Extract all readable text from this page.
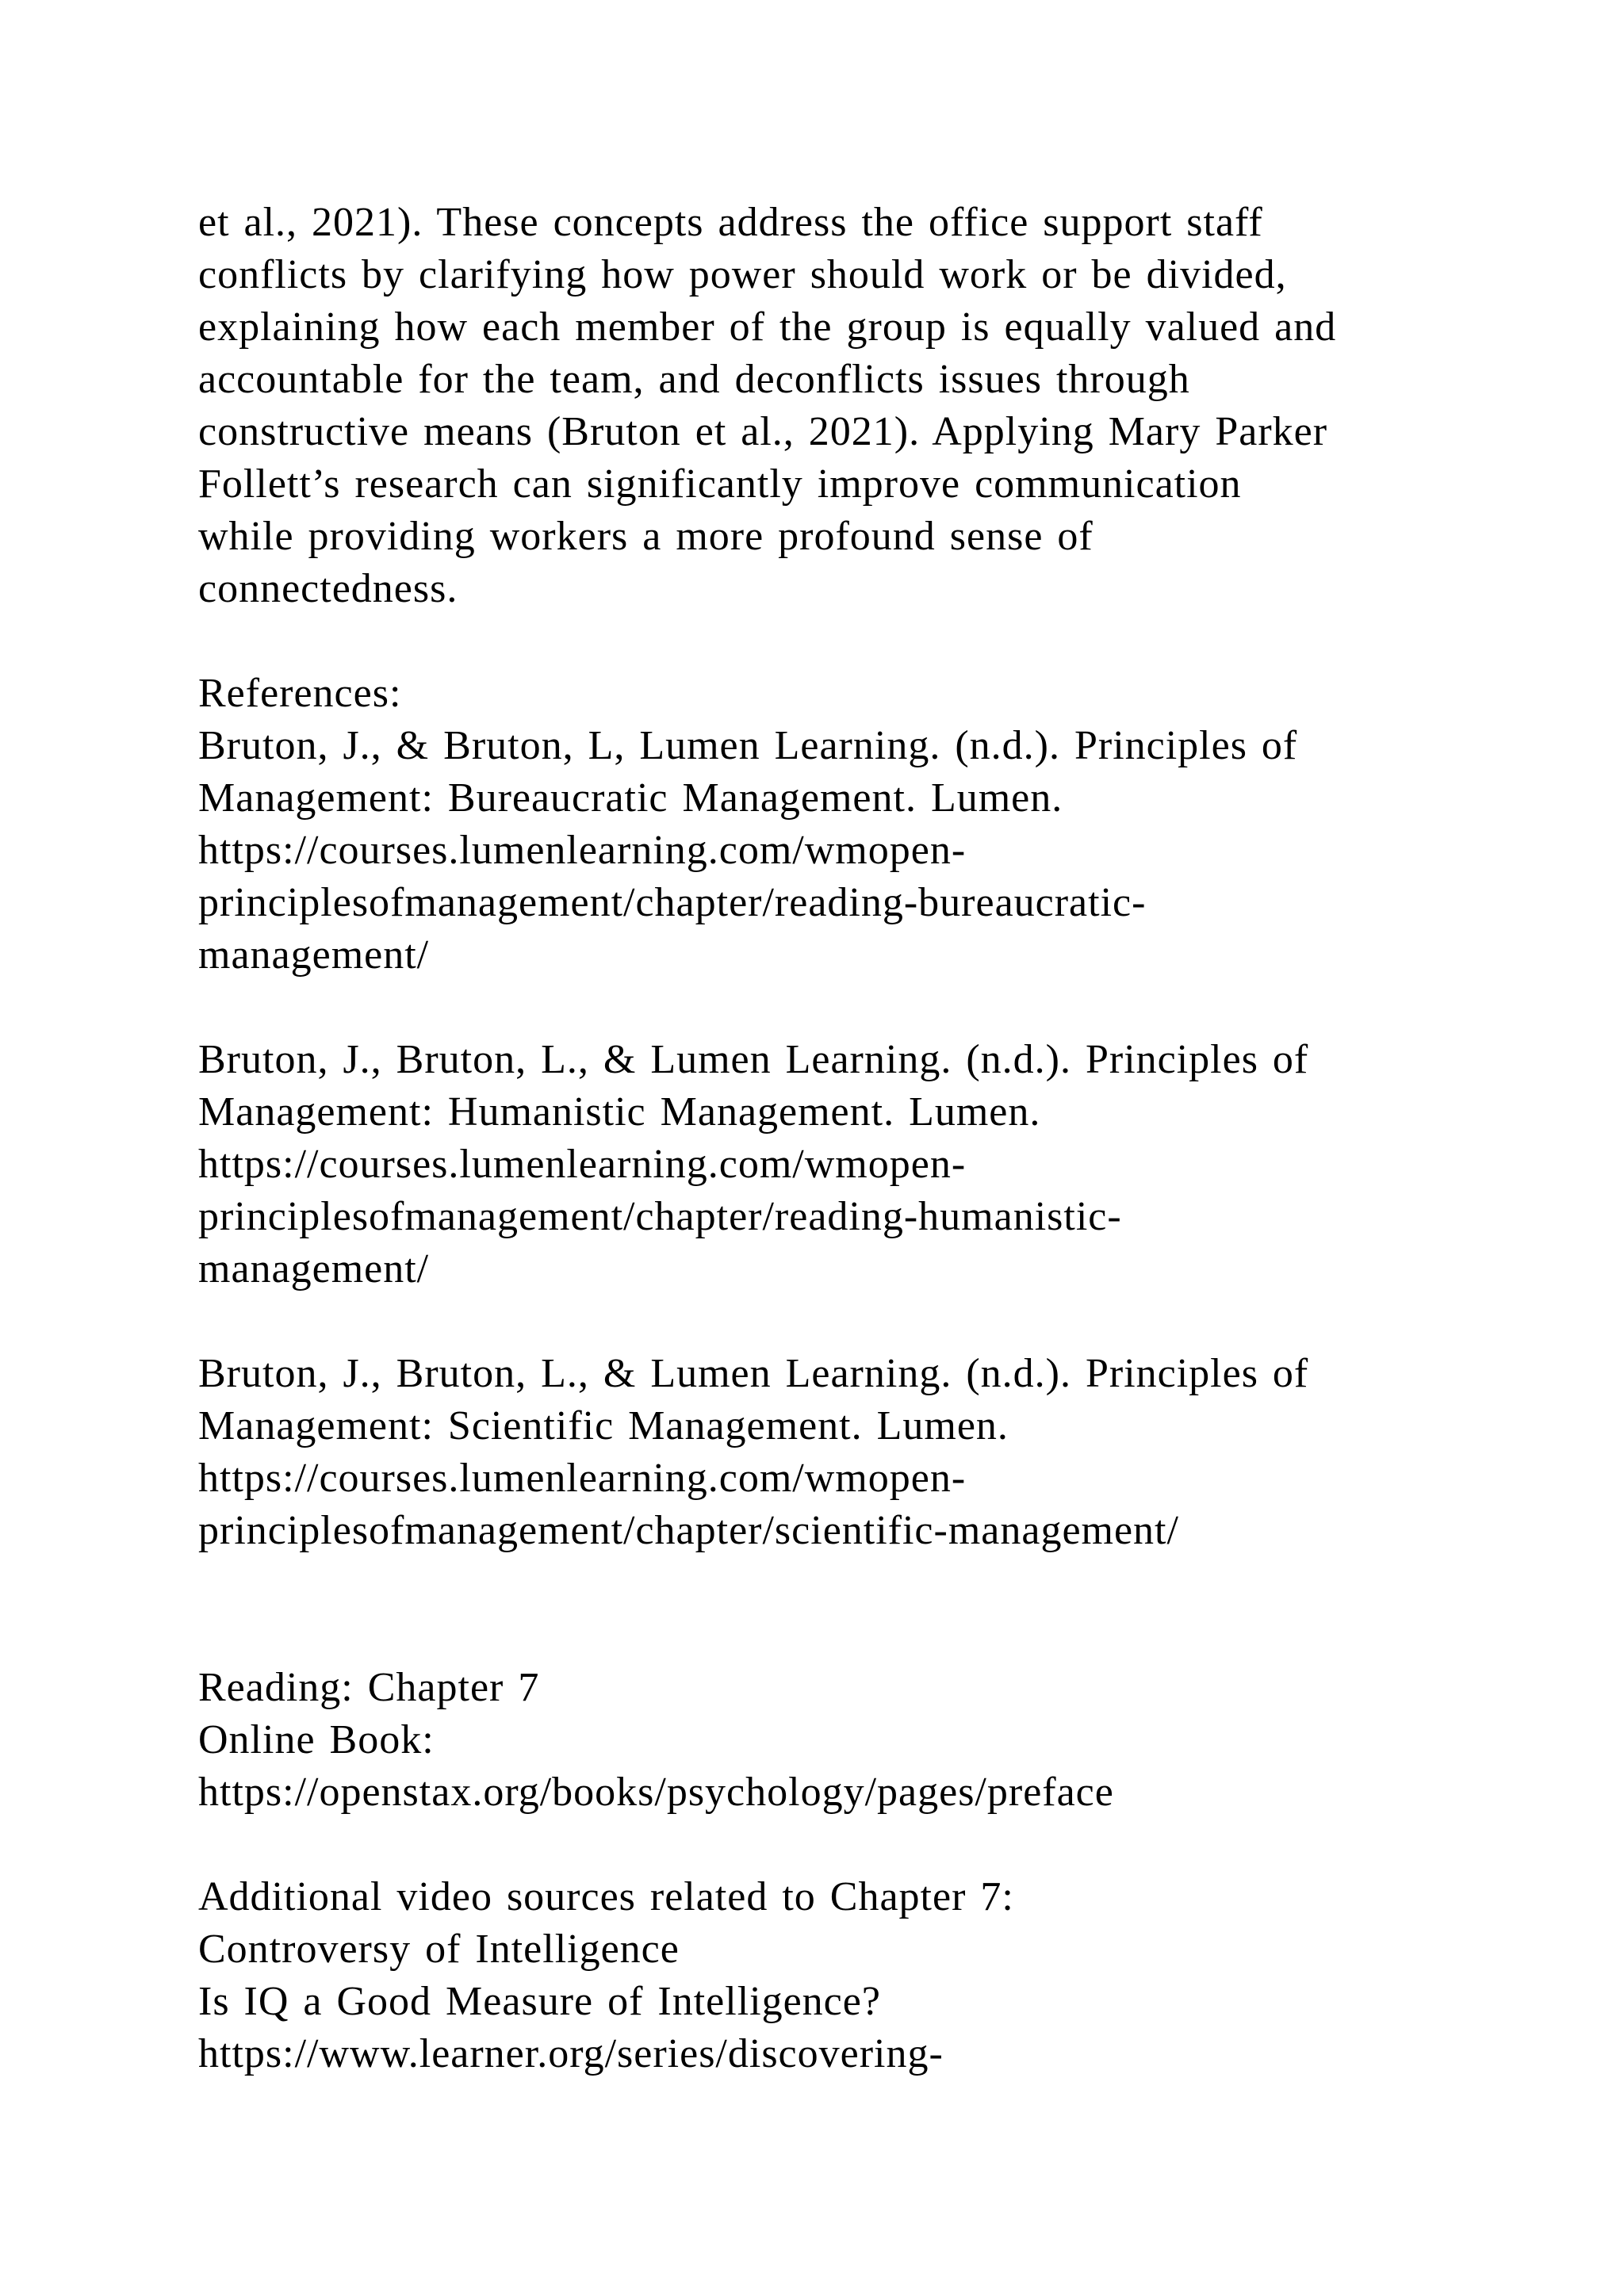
et al., 2021). These concepts address the office support staff
conflicts by clarifying how power should work or be divided,
explaining how each member of the group is equally valued and
accountable for the team, and deconflicts issues through
constructive means (Bruton et al., 2021). Applying Mary Parker
Follett’s research can significantly improve communication
while providing workers a more profound sense of
connectedness.
References:
Bruton, J., & Bruton, L, Lumen Learning. (n.d.). Principles of
Management: Bureaucratic Management. Lumen.
https://courses.lumenlearning.com/wmopen-
principlesofmanagement/chapter/reading-bureaucratic-
management/
Bruton, J., Bruton, L., & Lumen Learning. (n.d.). Principles of
Management: Humanistic Management. Lumen.
https://courses.lumenlearning.com/wmopen-
principlesofmanagement/chapter/reading-humanistic-
management/
Bruton, J., Bruton, L., & Lumen Learning. (n.d.). Principles of
Management: Scientific Management. Lumen.
https://courses.lumenlearning.com/wmopen-
principlesofmanagement/chapter/scientific-management/
Reading: Chapter 7
Online Book:
https://openstax.org/books/psychology/pages/preface
Additional video sources related to Chapter 7:
Controversy of Intelligence
Is IQ a Good Measure of Intelligence?
https://www.learner.org/series/discovering-
